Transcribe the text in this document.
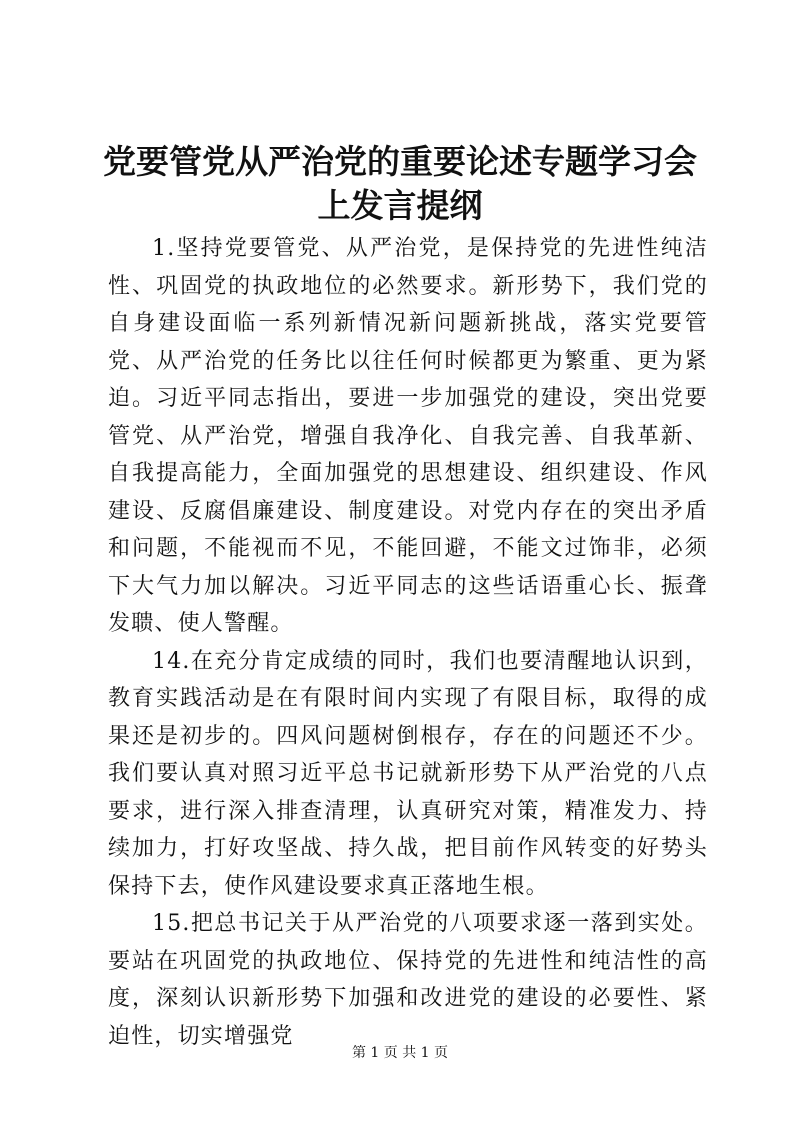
党要管党从严治党的重要论述专题学习会上发言提纲

1.坚持党要管党、从严治党，是保持党的先进性纯洁性、巩固党的执政地位的必然要求。新形势下，我们党的自身建设面临一系列新情况新问题新挑战，落实党要管党、从严治党的任务比以往任何时候都更为繁重、更为紧迫。习近平同志指出，要进一步加强党的建设，突出党要管党、从严治党，增强自我净化、自我完善、自我革新、自我提高能力，全面加强党的思想建设、组织建设、作风建设、反腐倡廉建设、制度建设。对党内存在的突出矛盾和问题，不能视而不见，不能回避，不能文过饰非，必须下大气力加以解决。习近平同志的这些话语重心长、振聋发聩、使人警醒。

14.在充分肯定成绩的同时，我们也要清醒地认识到，教育实践活动是在有限时间内实现了有限目标，取得的成果还是初步的。四风问题树倒根存，存在的问题还不少。我们要认真对照习近平总书记就新形势下从严治党的八点要求，进行深入排查清理，认真研究对策，精准发力、持续加力，打好攻坚战、持久战，把目前作风转变的好势头保持下去，使作风建设要求真正落地生根。

15.把总书记关于从严治党的八项要求逐一落到实处。要站在巩固党的执政地位、保持党的先进性和纯洁性的高度，深刻认识新形势下加强和改进党的建设的必要性、紧迫性，切实增强党

第 1 页 共 1 页
